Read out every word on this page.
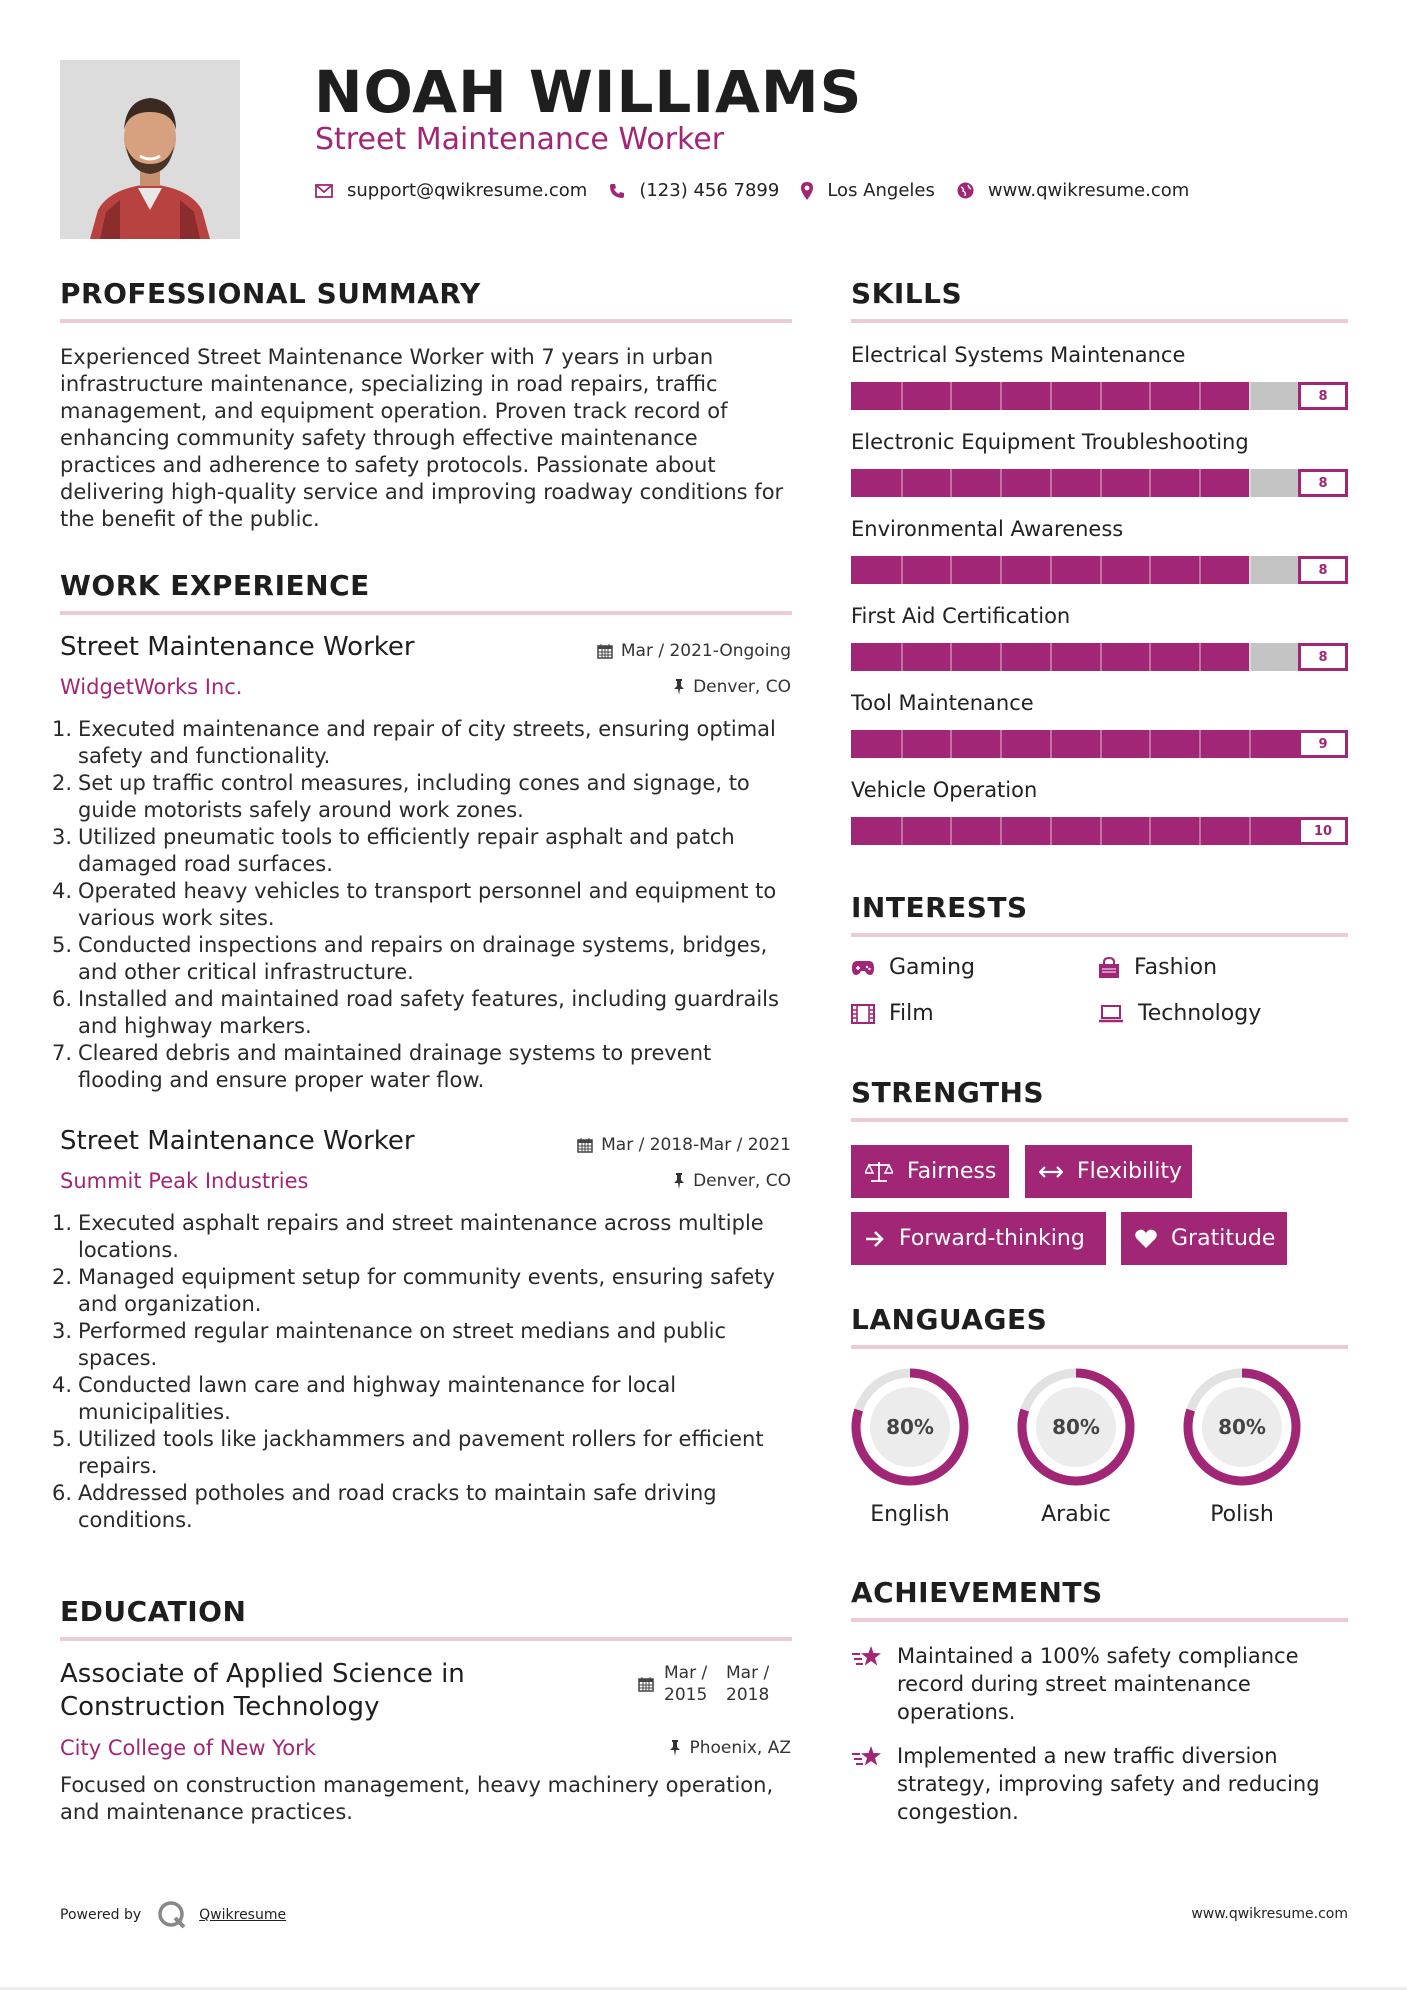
NOAH WILLIAMS
Street Maintenance Worker
support@qwikresume.com	(123) 456 7899	Los Angeles	www.qwikresume.com
PROFESSIONAL SUMMARY
Experienced Street Maintenance Worker with 7 years in urban infrastructure maintenance, specializing in road repairs, traffic management, and equipment operation. Proven track record of enhancing community safety through effective maintenance practices and adherence to safety protocols. Passionate about delivering high-quality service and improving roadway conditions for the benefit of the public.
WORK EXPERIENCE
Street Maintenance Worker	Mar / 2021-Ongoing
WidgetWorks Inc.	Denver, CO
1. Executed maintenance and repair of city streets, ensuring optimal safety and functionality.
2. Set up traffic control measures, including cones and signage, to guide motorists safely around work zones.
3. Utilized pneumatic tools to efficiently repair asphalt and patch damaged road surfaces.
4. Operated heavy vehicles to transport personnel and equipment to various work sites.
5. Conducted inspections and repairs on drainage systems, bridges, and other critical infrastructure.
6. Installed and maintained road safety features, including guardrails and highway markers.
7. Cleared debris and maintained drainage systems to prevent flooding and ensure proper water flow.
Street Maintenance Worker	Mar / 2018-Mar / 2021
Summit Peak Industries	Denver, CO
1. Executed asphalt repairs and street maintenance across multiple locations.
2. Managed equipment setup for community events, ensuring safety and organization.
3. Performed regular maintenance on street medians and public spaces.
4. Conducted lawn care and highway maintenance for local municipalities.
5. Utilized tools like jackhammers and pavement rollers for efficient repairs.
6. Addressed potholes and road cracks to maintain safe driving conditions.
EDUCATION
Associate of Applied Science in Construction Technology
Mar / 2015
Mar / 2018
City College of New York	Phoenix, AZ
Focused on construction management, heavy machinery operation, and maintenance practices.
SKILLS
Electrical Systems Maintenance
8
Electronic Equipment Troubleshooting
8
Environmental Awareness
8
First Aid Certification
8
Tool Maintenance
9
Vehicle Operation
10
INTERESTS
Gaming	Fashion
Film	Technology
STRENGTHS
Fairness	Flexibility
Forward-thinking	Gratitude
LANGUAGES
80%
English
80%
Arabic
80%
Polish
ACHIEVEMENTS
Maintained a 100% safety compliance record during street maintenance operations.
Implemented a new traffic diversion strategy, improving safety and reducing congestion.
Powered by	Qwikresume	www.qwikresume.com
